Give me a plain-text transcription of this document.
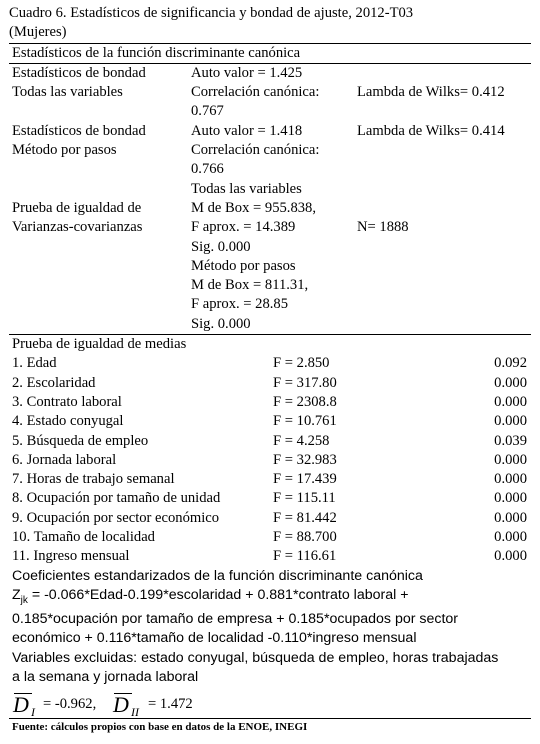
Cuadro 6. Estadísticos de significancia y bondad de ajuste, 2012-T03
(Mujeres)
Estadísticos de la función discriminante canónica
Estadísticos de bondad	Auto valor = 1.425
Todas las variables	Correlación canónica:	Lambda de Wilks= 0.412
0.767
Estadísticos de bondad	Auto valor = 1.418	Lambda de Wilks= 0.414
Método por pasos	Correlación canónica:
0.766
Todas las variables
Prueba de igualdad de	M de Box = 955.838,
Varianzas-covarianzas	F aprox. = 14.389	N= 1888
Sig. 0.000
Método por pasos
M de Box = 811.31,
F aprox. = 28.85
Sig. 0.000
Prueba de igualdad de medias
1. Edad	F = 2.850	0.092
2. Escolaridad	F = 317.80	0.000
3. Contrato laboral	F = 2308.8	0.000
4. Estado conyugal	F = 10.761	0.000
5. Búsqueda de empleo	F = 4.258	0.039
6. Jornada laboral	F = 32.983	0.000
7. Horas de trabajo semanal	F = 17.439	0.000
8. Ocupación por tamaño de unidad	F = 115.11	0.000
9. Ocupación por sector económico	F = 81.442	0.000
10. Tamaño de localidad	F = 88.700	0.000
11. Ingreso mensual	F = 116.61	0.000
Coeficientes estandarizados de la función discriminante canónica
$Z_{jk}$ = -0.066*Edad-0.199*escolaridad + 0.881*contrato laboral +
0.185*ocupación por tamaño de empresa + 0.185*ocupados por sector
económico + 0.116*tamaño de localidad -0.110*ingreso mensual
Variables excluidas: estado conyugal, búsqueda de empleo, horas trabajadas
a la semana y jornada laboral
D I = -0.962, D II = 1.472
Fuente: cálculos propios con base en datos de la ENOE, INEGI
